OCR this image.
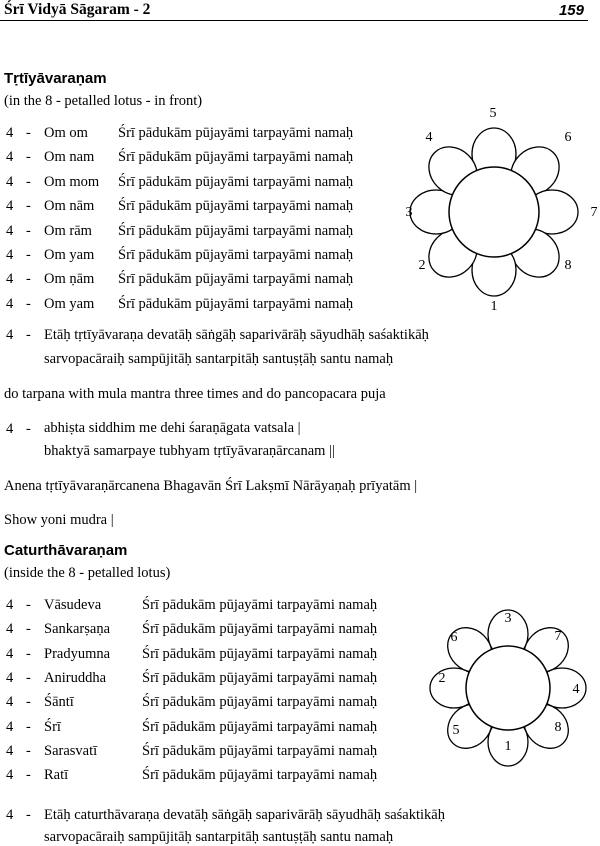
Śrī Vidyā Sāgaram - 2	159
Tṛtīyāvaraṇam
(in the 8 - petalled lotus - in front)
4 - Om om Śrī pādukām pūjayāmi tarpayāmi namaḥ
4 - Om nam Śrī pādukām pūjayāmi tarpayāmi namaḥ
4 - Om mom Śrī pādukām pūjayāmi tarpayāmi namaḥ
4 - Om nām Śrī pādukām pūjayāmi tarpayāmi namaḥ
4 - Om rām Śrī pādukām pūjayāmi tarpayāmi namaḥ
4 - Om yam Śrī pādukām pūjayāmi tarpayāmi namaḥ
4 - Om ṇām Śrī pādukām pūjayāmi tarpayāmi namaḥ
4 - Om yam Śrī pādukām pūjayāmi tarpayāmi namaḥ
4 - Etāḥ tṛtīyāvaraṇa devatāḥ sāṅgāḥ saparivārāḥ sāyudhāḥ saśaktikāḥ
sarvopacāraiḥ sampūjitāḥ santarpitāḥ santuṣṭāḥ santu namaḥ
do tarpana with mula mantra three times and do pancopacara puja
4 - abhiṣta siddhim me dehi śaraṇāgata vatsala |
bhaktyā samarpaye tubhyam tṛtīyāvaraṇārcanam ||
Anena tṛtīyāvaraṇārcanena Bhagavān Śrī Lakṣmī Nārāyaṇaḥ prīyatām |
Show yoni mudra |
5
6
7
8
1
2
3
4
Caturthāvaraṇam
(inside the 8 - petalled lotus)
4 - Vāsudeva	Śrī pādukām pūjayāmi tarpayāmi namaḥ
4 - Sankarṣaṇa Śrī pādukām pūjayāmi tarpayāmi namaḥ
4 - Pradyumna Śrī pādukām pūjayāmi tarpayāmi namaḥ
4 - Aniruddha Śrī pādukām pūjayāmi tarpayāmi namaḥ
4 - Śāntī	Śrī pādukām pūjayāmi tarpayāmi namaḥ
4 - Śrī	Śrī pādukām pūjayāmi tarpayāmi namaḥ
4 - Sarasvatī	Śrī pādukām pūjayāmi tarpayāmi namaḥ
4 - Ratī	Śrī pādukām pūjayāmi tarpayāmi namaḥ
4 - Etāḥ caturthāvaraṇa devatāḥ sāṅgāḥ saparivārāḥ sāyudhāḥ saśaktikāḥ
sarvopacāraiḥ sampūjitāḥ santarpitāḥ santuṣṭāḥ santu namaḥ
3
7
4
8
1
5
2
6
